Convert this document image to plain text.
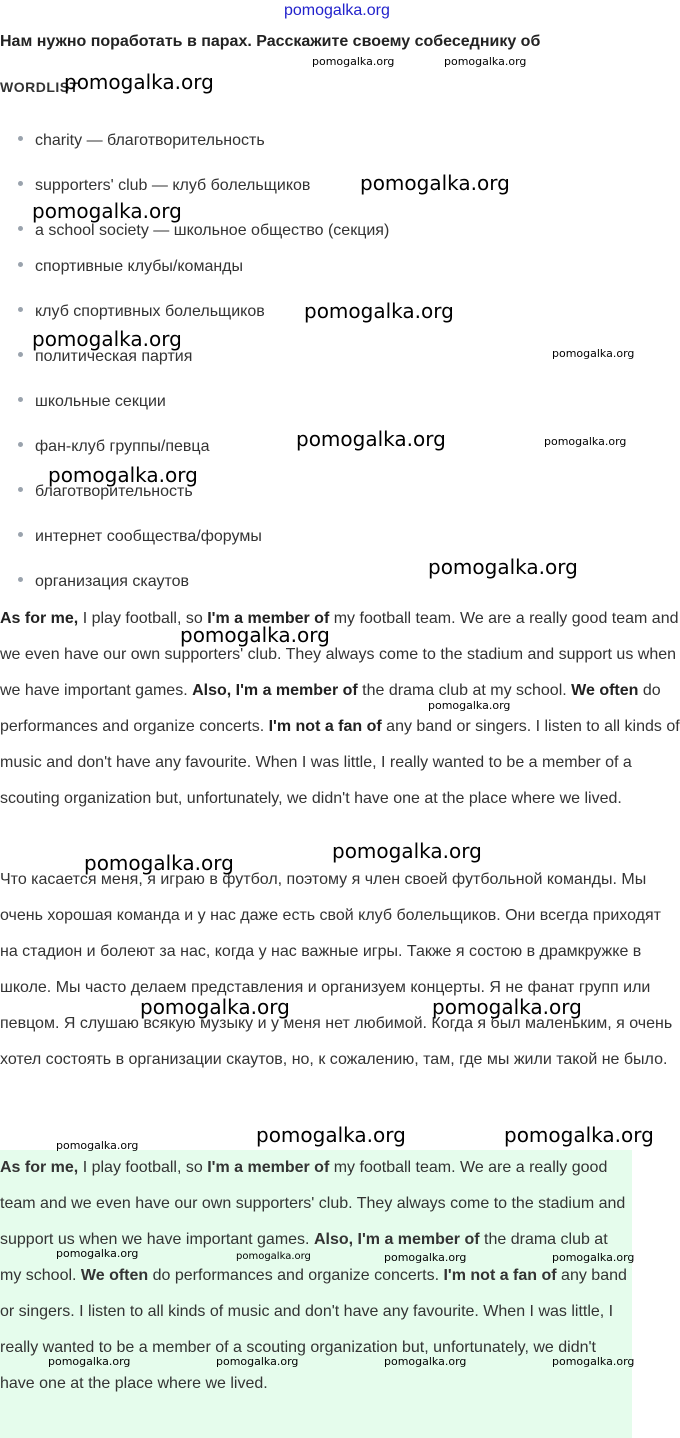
pomogalka.org
Нам нужно поработать в парах. Расскажите своему собеседнику об
WORDLIST
charity — благотворительность
supporters' club — клуб болельщиков
a school society — школьное общество (секция)
спортивные клубы/команды
клуб спортивных болельщиков
политическая партия
школьные секции
фан-клуб группы/певца
благотворительность
интернет сообщества/форумы
организация скаутов
As for me, I play football, so I'm a member of my football team. We are a really good team and we even have our own supporters' club. They always come to the stadium and support us when we have important games. Also, I'm a member of the drama club at my school. We often do performances and organize concerts. I'm not a fan of any band or singers. I listen to all kinds of music and don't have any favourite. When I was little, I really wanted to be a member of a scouting organization but, unfortunately, we didn't have one at the place where we lived.
Что касается меня, я играю в футбол, поэтому я член своей футбольной команды. Мы очень хорошая команда и у нас даже есть свой клуб болельщиков. Они всегда приходят на стадион и болеют за нас, когда у нас важные игры. Также я состою в драмкружке в школе. Мы часто делаем представления и организуем концерты. Я не фанат групп или певцом. Я слушаю всякую музыку и у меня нет любимой. Когда я был маленьким, я очень хотел состоять в организации скаутов, но, к сожалению, там, где мы жили такой не было.
As for me, I play football, so I'm a member of my football team. We are a really good team and we even have our own supporters' club. They always come to the stadium and support us when we have important games. Also, I'm a member of the drama club at my school. We often do performances and organize concerts. I'm not a fan of any band or singers. I listen to all kinds of music and don't have any favourite. When I was little, I really wanted to be a member of a scouting organization but, unfortunately, we didn't have one at the place where we lived.
pomogalka.org
pomogalka.org	pomogalka.org
pomogalka.org
pomogalka.org
pomogalka.org
pomogalka.org
pomogalka.org
pomogalka.org	pomogalka.org
pomogalka.org
pomogalka.org
pomogalka.org
pomogalka.org
pomogalka.org	pomogalka.org
pomogalka.org	pomogalka.org
pomogalka.org	pomogalka.org
pomogalka.org
pomogalka.org	pomogalka.org	pomogalka.org	pomogalka.org
pomogalka.org	pomogalka.org	pomogalka.org	pomogalka.org
